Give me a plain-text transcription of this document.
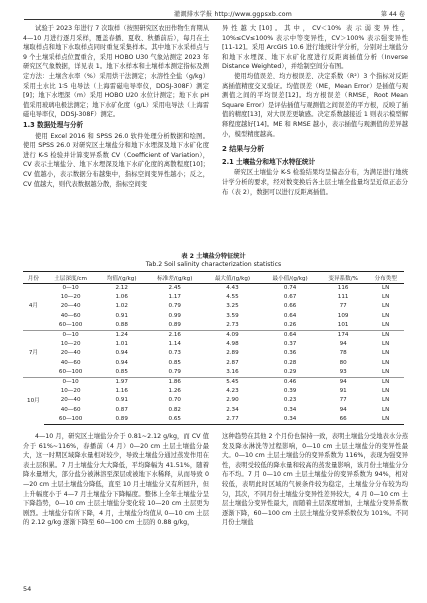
灌溉排水学报 http://www.ggpsxb.com	第 44 卷

试验于 2023 年进行 7 次取样（按照研究区农田作物生育期从 4—10 月进行逐月采样，覆盖春播、夏收、秋播前后），每月在土壤取样点和地下水取样点同时重复采集样本。其中地下水采样点与 9 个土壤采样点位置重合，采用 HOBO U30 气象站测定 2023 年研究区气象数据，详见表 1。地下水样本和土壤样本测定指标及测定方法：土壤含水率（%）采用烘干法测定；水溶性全盐（g/kg）采用土水比 1∶5 电导法（上海雷磁电导率仪，DDSJ-308F）测定[9]；地下水埋深（m）采用 HOBO U20 水位计测定；地下水 pH 值采用玻璃电极法测定；地下水矿化度（g/L）采用电导法（上海雷磁电导率仪，DDSJ-308F）测定。

1.3 数据处理与分析

使用 Excel 2016 和 SPSS 26.0 软件处理分析数据和绘图。使用 SPSS 26.0 对研究区土壤盐分和地下水埋深及地下水矿化度进行 K-S 检验并计算变异系数 CV（Coefficient of Variation），CV 表示土壤盐分、地下水埋深及地下水矿化度的离散程度[10]；CV 值越小，表示数据分布越集中，指标空间变异性越小；反之，CV 值越大，则代表数据越分散，指标空间变

异性越大[10]。其中，CV＜10% 表示弱变异性，10%≤CV≤100% 表示中等变异性，CV＞100% 表示强变异性[11-12]。采用 ArcGIS 10.6 进行地统计学分析，分别对土壤盐分和地下水埋深、地下水矿化度进行反距离插值分析（Inverse Distance Weighted），并绘制空间分布图。

使用均值误差、均方根误差、决定系数（R²）3 个指标对反距离插值精度交叉验证。均值误差（ME，Mean Error）是插值与观测值之间的平均误差[12]。均方根误差（RMSE，Root Mean Square Error）是评估插值与观测值之间误差的平方根，反映了插值的精度[13]，对大误差更敏感。决定系数越接近 1 则表示模型解释程度越好[14]。ME 和 RMSE 越小，表示插值与观测值的差异越小，模型精度越高。

2 结果与分析

2.1 土壤盐分和地下水特征统计

研究区土壤盐分 K-S 检验结果均呈偏态分布，为满足进行地统计学分析的要求，经对数变换后各土层土壤全盐量均呈近似正态分布（表 2），数据可以进行反距离插值。

表 2 土壤盐分特征统计
Tab.2 Soil salinity characterization statistics
月份	土层深度/cm	均值/(g/kg)	标准差/(g/kg)	最大值/(g/kg)	最小值/(g/kg)	变异系数/%	分布类型
4月	0—10	2.12	2.45	4.43	0.74	116	LN
	10—20	1.06	1.17	4.55	0.67	111	LN
	20—40	1.02	0.79	3.25	0.66	77	LN
	40—60	0.91	0.99	3.59	0.64	109	LN
	60—100	0.88	0.89	2.73	0.26	101	LN
7月	0—10	1.24	2.16	4.09	0.64	174	LN
	10—20	1.01	1.14	4.98	0.37	94	LN
	20—40	0.94	0.73	2.89	0.36	78	LN
	40—60	0.94	0.85	2.87	0.28	80	LN
	60—100	0.85	0.79	3.16	0.29	93	LN
10月	0—10	1.97	1.86	5.45	0.46	94	LN
	10—20	1.16	1.26	4.23	0.39	91	LN
	20—40	0.91	0.70	2.90	0.23	77	LN
	40—60	0.87	0.82	2.34	0.34	94	LN
	60—100	0.89	0.65	2.77	0.34	66	LN

4—10 月，研究区土壤盐分介于 0.81~2.12 g/kg，而 CV 值介于 61%~116%，春播前（4 月）0—20 cm 土层土壤盐分最大，这一时期区域降水量相对较少，导致土壤盐分通过蒸发作用在表土层积累。7 月土壤盐分大大降低，平均降幅为 41.51%，随着降水量增大，部分盐分被淋溶至深层或被地下水稀释，从而导致 0—20 cm 土层土壤盐分降低，直至 10 月土壤盐分又有所回升，但上升幅度小于 4—7 月土壤盐分下降幅度。整体上全年土壤盐分呈下降趋势，0—10 cm 土层土壤盐分变化较 10—20 cm 土层更为剧烈。土壤盐分有所下降，4 月，土壤盐分均值从 0—10 cm 土层的 2.12 g/kg 逐渐下降至 60—100 cm 土层的 0.88 g/kg，

这种趋势在其他 2 个月份也保持一致，表明土壤盐分受地表水分蒸发及降水淋洗等过程影响，0—10 cm 土层土壤盐分的变异性最大。0—10 cm 土层土壤盐分的变异系数为 116%，表现为强变异性，表明受较低的降水量和较高的蒸发量影响，该月份土壤盐分分布不均。7 月 0—10 cm 土层土壤盐分的变异系数为 94%，相对较低，表明此时区域的气候条件较为稳定，土壤盐分分布较为均匀，其次，不同月份土壤盐分变异性差异较大，4 月 0—10 cm 土层土壤盐分变异性最大，而随着土层深度增加，土壤盐分变异系数逐渐下降，60—100 cm 土层土壤盐分变异系数仅为 101%。不同月份土壤盐

54
